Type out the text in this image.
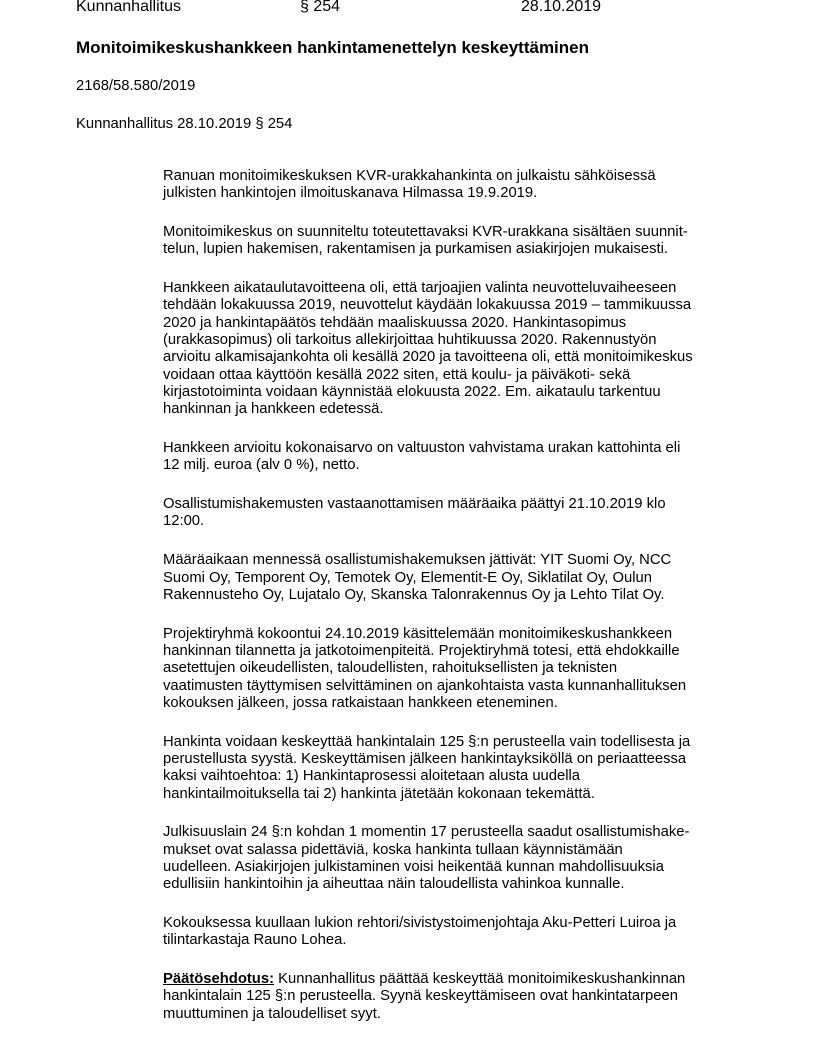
Kunnanhallitus	§ 254	28.10.2019
Monitoimikeskushankkeen hankintamenettelyn keskeyttäminen
2168/58.580/2019
Kunnanhallitus 28.10.2019 § 254

Ranuan monitoimikeskuksen KVR-urakkahankinta on julkaistu sähköisessä
julkisten hankintojen ilmoituskanava Hilmassa 19.9.2019.

Monitoimikeskus on suunniteltu toteutettavaksi KVR-urakkana sisältäen suunnit-
telun, lupien hakemisen, rakentamisen ja purkamisen asiakirjojen mukaisesti.

Hankkeen aikataulutavoitteena oli, että tarjoajien valinta neuvotteluvaiheeseen
tehdään lokakuussa 2019, neuvottelut käydään lokakuussa 2019 – tammikuussa
2020 ja hankintapäätös tehdään maaliskuussa 2020. Hankintasopimus
(urakkasopimus) oli tarkoitus allekirjoittaa huhtikuussa 2020. Rakennustyön
arvioitu alkamisajankohta oli kesällä 2020 ja tavoitteena oli, että monitoimikeskus
voidaan ottaa käyttöön kesällä 2022 siten, että koulu- ja päiväkoti- sekä
kirjastotoiminta voidaan käynnistää elokuusta 2022. Em. aikataulu tarkentuu
hankinnan ja hankkeen edetessä.

Hankkeen arvioitu kokonaisarvo on valtuuston vahvistama urakan kattohinta eli
12 milj. euroa (alv 0 %), netto.

Osallistumishakemusten vastaanottamisen määräaika päättyi 21.10.2019 klo
12:00.

Määräaikaan mennessä osallistumishakemuksen jättivät: YIT Suomi Oy, NCC
Suomi Oy, Temporent Oy, Temotek Oy, Elementit-E Oy, Siklatilat Oy, Oulun
Rakennusteho Oy, Lujatalo Oy, Skanska Talonrakennus Oy ja Lehto Tilat Oy.

Projektiryhmä kokoontui 24.10.2019 käsittelemään monitoimikeskushankkeen
hankinnan tilannetta ja jatkotoimenpiteitä. Projektiryhmä totesi, että ehdokkaille
asetettujen oikeudellisten, taloudellisten, rahoituksellisten ja teknisten
vaatimusten täyttymisen selvittäminen on ajankohtaista vasta kunnanhallituksen
kokouksen jälkeen, jossa ratkaistaan hankkeen eteneminen.

Hankinta voidaan keskeyttää hankintalain 125 §:n perusteella vain todellisesta ja
perustellusta syystä. Keskeyttämisen jälkeen hankintayksiköllä on periaatteessa
kaksi vaihtoehtoa: 1) Hankintaprosessi aloitetaan alusta uudella
hankintailmoituksella tai 2) hankinta jätetään kokonaan tekemättä.

Julkisuuslain 24 §:n kohdan 1 momentin 17 perusteella saadut osallistumishake-
mukset ovat salassa pidettäviä, koska hankinta tullaan käynnistämään
uudelleen. Asiakirjojen julkistaminen voisi heikentää kunnan mahdollisuuksia
edullisiin hankintoihin ja aiheuttaa näin taloudellista vahinkoa kunnalle.

Kokouksessa kuullaan lukion rehtori/sivistystoimenjohtaja Aku-Petteri Luiroa ja
tilintarkastaja Rauno Lohea.

Päätösehdotus: Kunnanhallitus päättää keskeyttää monitoimikeskushankinnan
hankintalain 125 §:n perusteella. Syynä keskeyttämiseen ovat hankintatarpeen
muuttuminen ja taloudelliset syyt.
